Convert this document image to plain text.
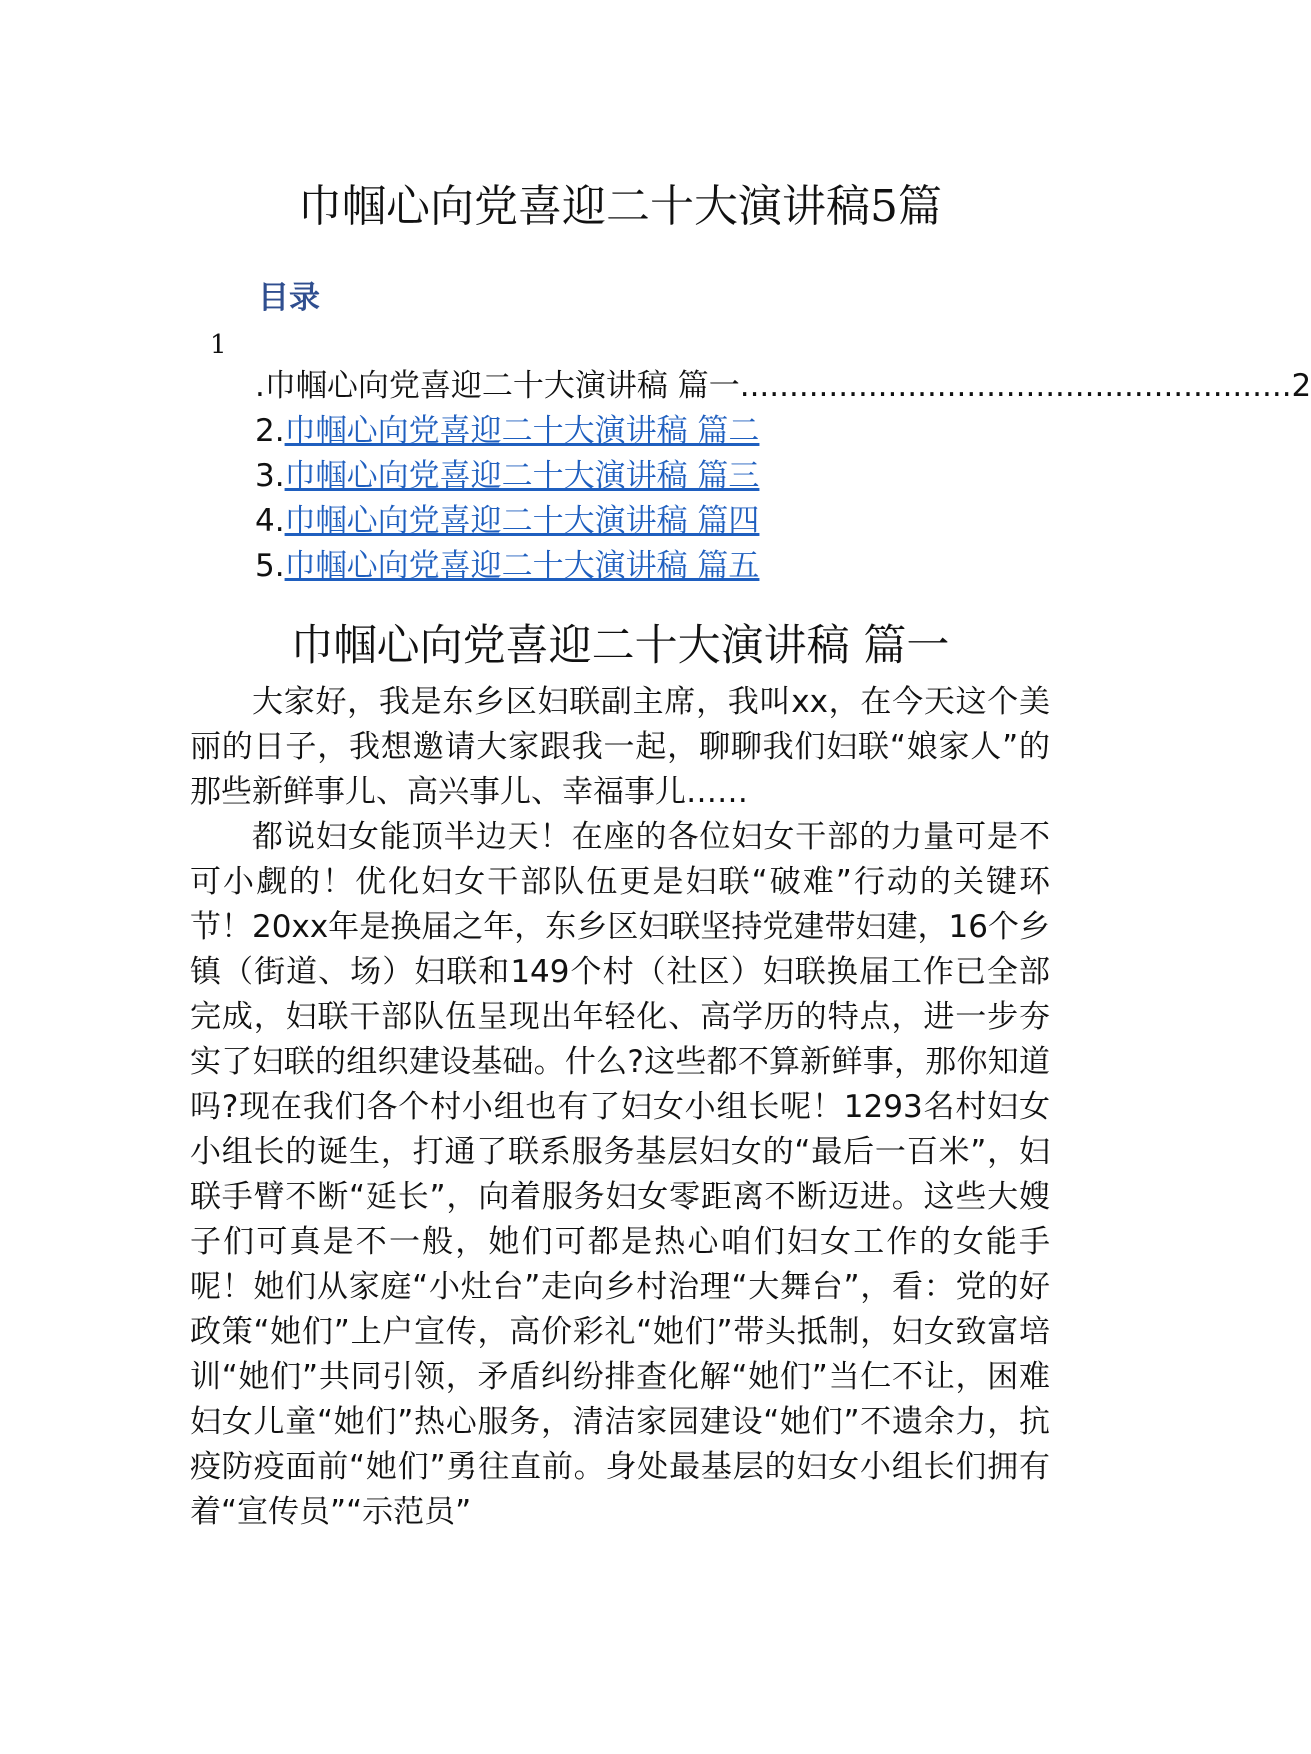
巾帼心向党喜迎二十大演讲稿5篇
目录
1
.巾帼心向党喜迎二十大演讲稿 篇一 ........................................................ 2
2.巾帼心向党喜迎二十大演讲稿 篇二
3.巾帼心向党喜迎二十大演讲稿 篇三
4.巾帼心向党喜迎二十大演讲稿 篇四
5.巾帼心向党喜迎二十大演讲稿 篇五
巾帼心向党喜迎二十大演讲稿 篇一

大家好，我是东乡区妇联副主席，我叫xx，在今天这个美丽的日子，我想邀请大家跟我一起，聊聊我们妇联“娘家人”的那些新鲜事儿、高兴事儿、幸福事儿……

都说妇女能顶半边天！在座的各位妇女干部的力量可是不可小觑的！优化妇女干部队伍更是妇联“破难”行动的关键环节！20xx年是换届之年，东乡区妇联坚持党建带妇建，16个乡镇（街道、场）妇联和149个村（社区）妇联换届工作已全部完成，妇联干部队伍呈现出年轻化、高学历的特点，进一步夯实了妇联的组织建设基础。什么?这些都不算新鲜事，那你知道吗?现在我们各个村小组也有了妇女小组长呢！1293名村妇女小组长的诞生，打通了联系服务基层妇女的“最后一百米”，妇联手臂不断“延长”，向着服务妇女零距离不断迈进。这些大嫂子们可真是不一般，她们可都是热心咱们妇女工作的女能手呢！她们从家庭“小灶台”走向乡村治理“大舞台”，看：党的好政策“她们”上户宣传，高价彩礼“她们”带头抵制，妇女致富培训“她们”共同引领，矛盾纠纷排查化解“她们”当仁不让，困难妇女儿童“她们”热心服务，清洁家园建设“她们”不遗余力，抗疫防疫面前“她们”勇往直前。身处最基层的妇女小组长们拥有着“宣传员”“示范员”
